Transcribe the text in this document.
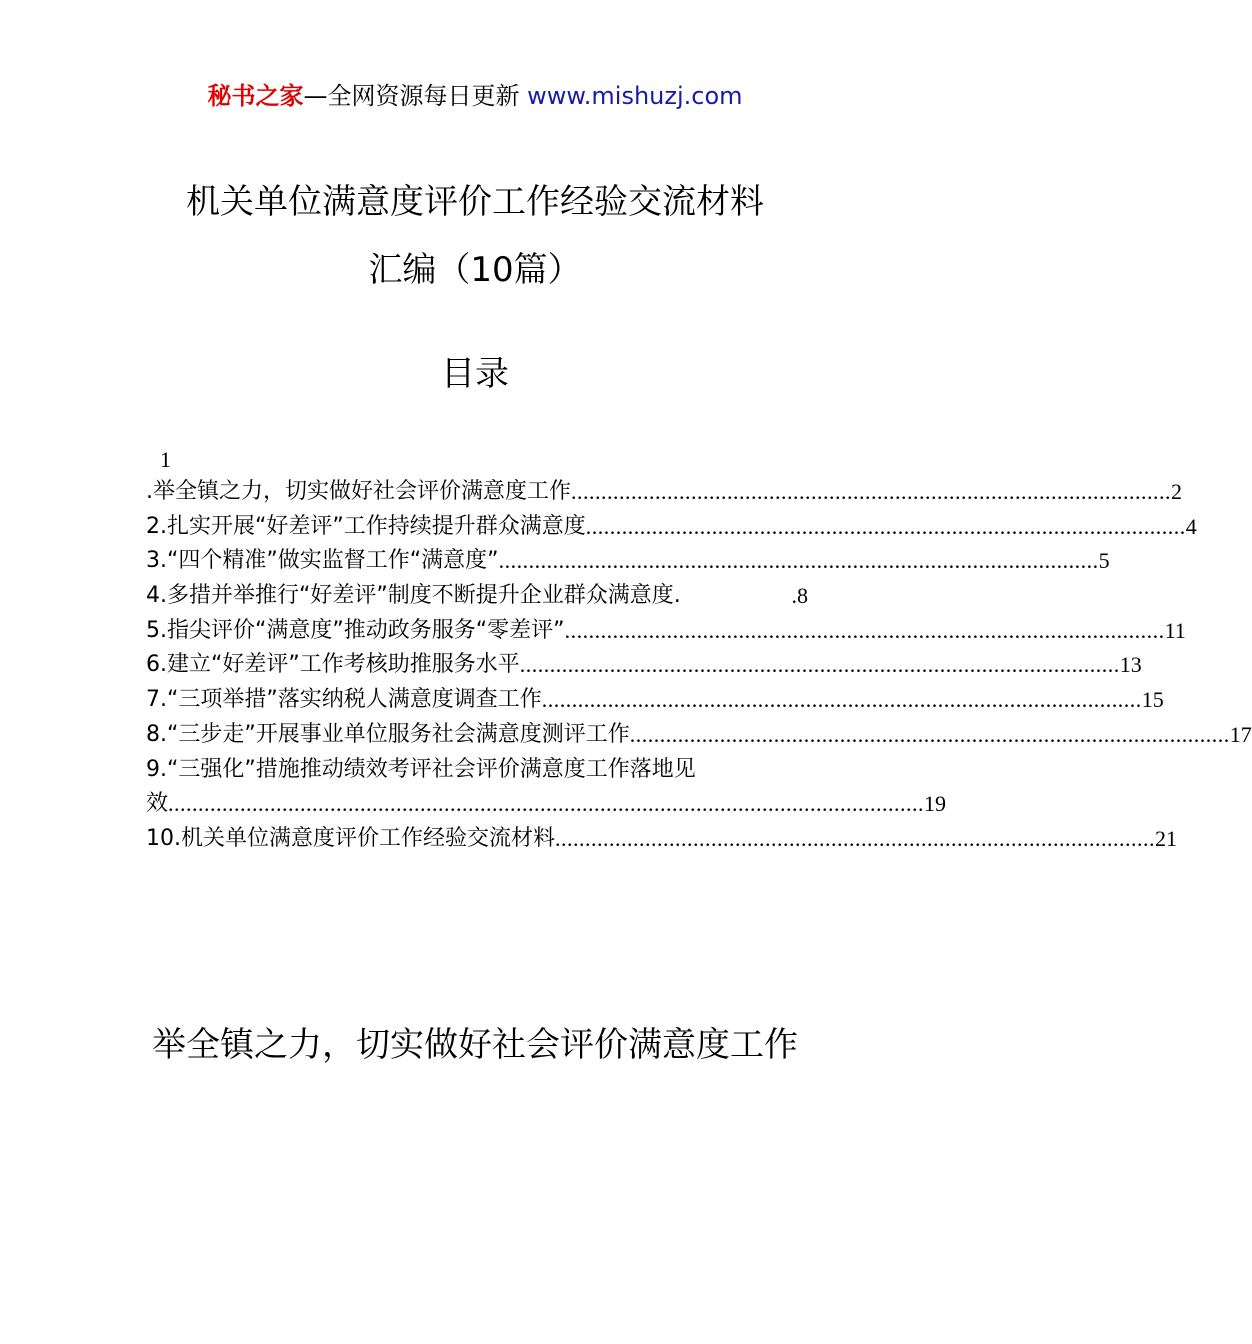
秘书之家—全网资源每日更新 www.mishuzj.com
机关单位满意度评价工作经验交流材料
汇编（10篇）
目录
1
.举全镇之力，切实做好社会评价满意度工作 .................................................................................................... 2
2.扎实开展“好差评”工作持续提升群众满意度 .................................................................................................... 4
3.“四个精准”做实监督工作“满意度” .................................................................................................... 5
4.多措并举推行“好差评”制度不断提升企业群众满意度.	.8
5.指尖评价“满意度”推动政务服务“零差评” .................................................................................................... 11
6.建立“好差评”工作考核助推服务水平 .................................................................................................... 13
7.“三项举措”落实纳税人满意度调查工作 .................................................................................................... 15
8.“三步走”开展事业单位服务社会满意度测评工作 .................................................................................................... 17
9.“三强化”措施推动绩效考评社会评价满意度工作落地见
效 .............................................................................................................................. 19
10.机关单位满意度评价工作经验交流材料 .................................................................................................... 21
举全镇之力，切实做好社会评价满意度工作
